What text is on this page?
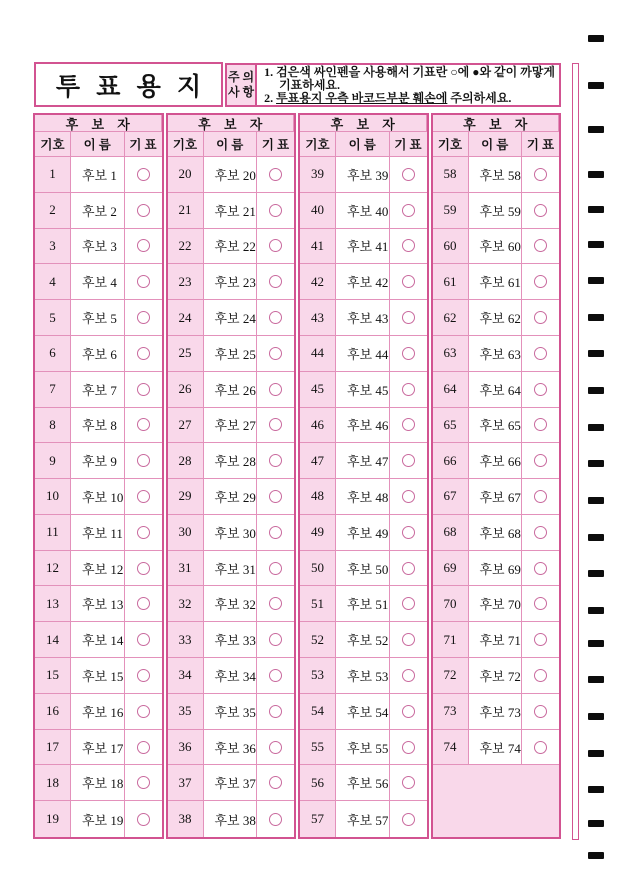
투 표 용 지 주 의
사 항
1. 검은색 싸인펜을 사용해서 기표란 ○에 ●와 같이 까맣게
기표하세요.
2. 투표용지 우측 바코드부분 훼손에 주의하세요.
후 보 자
기호	이 름	기 표
1	후보 1
2	후보 2
3	후보 3
4	후보 4
5	후보 5
6	후보 6
7	후보 7
8	후보 8
9	후보 9
10	후보 10
11	후보 11
12	후보 12
13	후보 13
14	후보 14
15	후보 15
16	후보 16
17	후보 17
18	후보 18
19	후보 19
후 보 자
기호	이 름	기 표
20	후보 20
21	후보 21
22	후보 22
23	후보 23
24	후보 24
25	후보 25
26	후보 26
27	후보 27
28	후보 28
29	후보 29
30	후보 30
31	후보 31
32	후보 32
33	후보 33
34	후보 34
35	후보 35
36	후보 36
37	후보 37
38	후보 38
후 보 자
기호	이 름	기 표
39	후보 39
40	후보 40
41	후보 41
42	후보 42
43	후보 43
44	후보 44
45	후보 45
46	후보 46
47	후보 47
48	후보 48
49	후보 49
50	후보 50
51	후보 51
52	후보 52
53	후보 53
54	후보 54
55	후보 55
56	후보 56
57	후보 57
후 보 자
기호	이 름	기 표
58	후보 58
59	후보 59
60	후보 60
61	후보 61
62	후보 62
63	후보 63
64	후보 64
65	후보 65
66	후보 66
67	후보 67
68	후보 68
69	후보 69
70	후보 70
71	후보 71
72	후보 72
73	후보 73
74	후보 74
